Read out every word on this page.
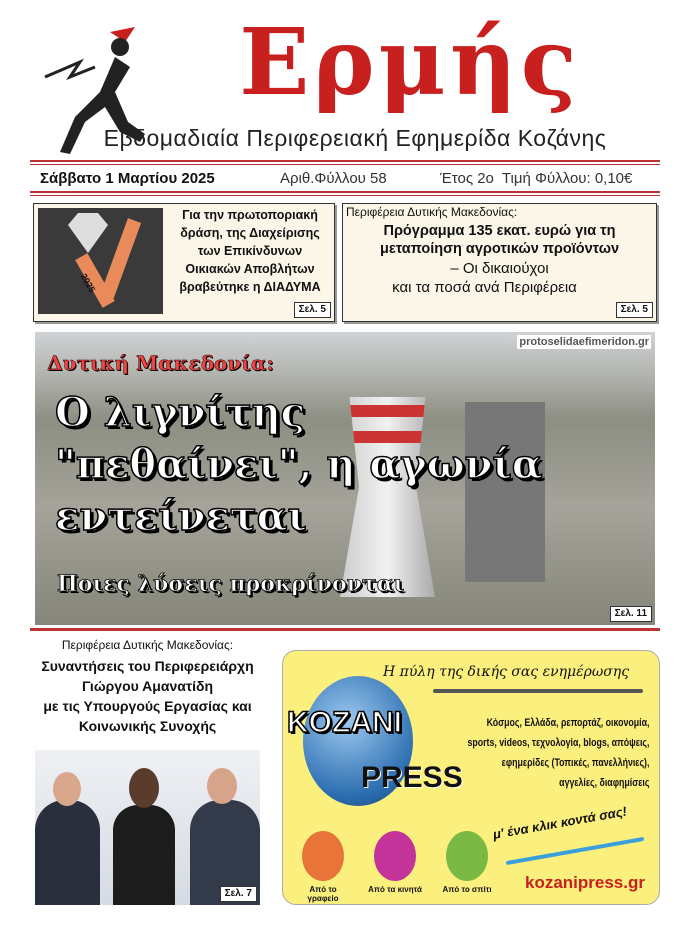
Ερμής
Εβδομαδιαία Περιφερειακή Εφημερίδα Κοζάνης
Σάββατο 1 Μαρτίου 2025	Αριθ.Φύλλου 58	Έτος 2ο Τιμή Φύλλου: 0,10€
2025
Για την πρωτοποριακή
δράση, της Διαχείρισης
των Επικίνδυνων
Οικιακών Αποβλήτων
βραβεύτηκε η ΔΙΑΔΥΜΑ
Σελ. 5
Περιφέρεια Δυτικής Μακεδονίας:
Πρόγραμμα 135 εκατ. ευρώ για τη μεταποίηση αγροτικών προϊόντων
– Οι δικαιούχοι
και τα ποσά ανά Περιφέρεια
Σελ. 5
protoselidaefimeridon.gr
Δυτική Μακεδονία:
Ο λιγνίτης
"πεθαίνει", η αγωνία
εντείνεται
Ποιες λύσεις προκρίνονται
Σελ. 11
Περιφέρεια Δυτικής Μακεδονίας:
Συναντήσεις του Περιφερειάρχη
Γιώργου Αμανατίδη
με τις Υπουργούς Εργασίας και
Κοινωνικής Συνοχής
Σελ. 7
Η πύλη της δικής σας ενημέρωσης
KOZANI
PRESS
Κόσμος, Ελλάδα, ρεπορτάζ, οικονομία,
sports, videos, τεχνολογία, blogs, απόψεις,
εφημερίδες (Τοπικές, πανελλήνιες),
αγγελίες, διαφημίσεις
Από το γραφείο
Από τα κινητά	Από το σπίτι
μ' ένα κλικ κοντά σας!
kozanipress.gr
